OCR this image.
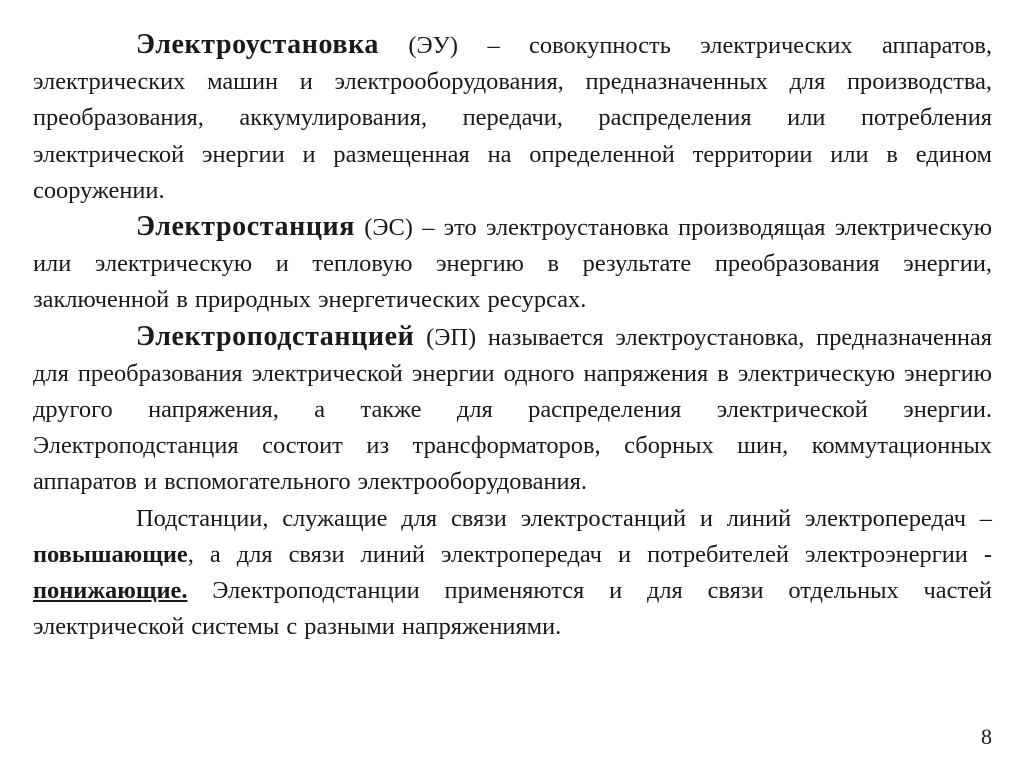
Электроустановка (ЭУ) – совокупность электрических аппаратов, электрических машин и электрооборудования, предназначенных для производства, преобразования, аккумулирования, передачи, распределения или потребления электрической энергии и размещенная на определенной территории или в едином сооружении.

Электростанция (ЭС) – это электроустановка производящая электрическую или электрическую и тепловую энергию в результате преобразования энергии, заключенной в природных энергетических ресурсах.

Электроподстанцией (ЭП) называется электроустановка, предназначенная для преобразования электрической энергии одного напряжения в электрическую энергию другого напряжения, а также для распределения электрической энергии. Электроподстанция состоит из трансформаторов, сборных шин, коммутационных аппаратов и вспомогательного электрооборудования.

Подстанции, служащие для связи электростанций и линий электропередач – повышающие, а для связи линий электропередач и потребителей электроэнергии - понижающие. Электроподстанции применяются и для связи отдельных частей электрической системы с разными напряжениями.

8
